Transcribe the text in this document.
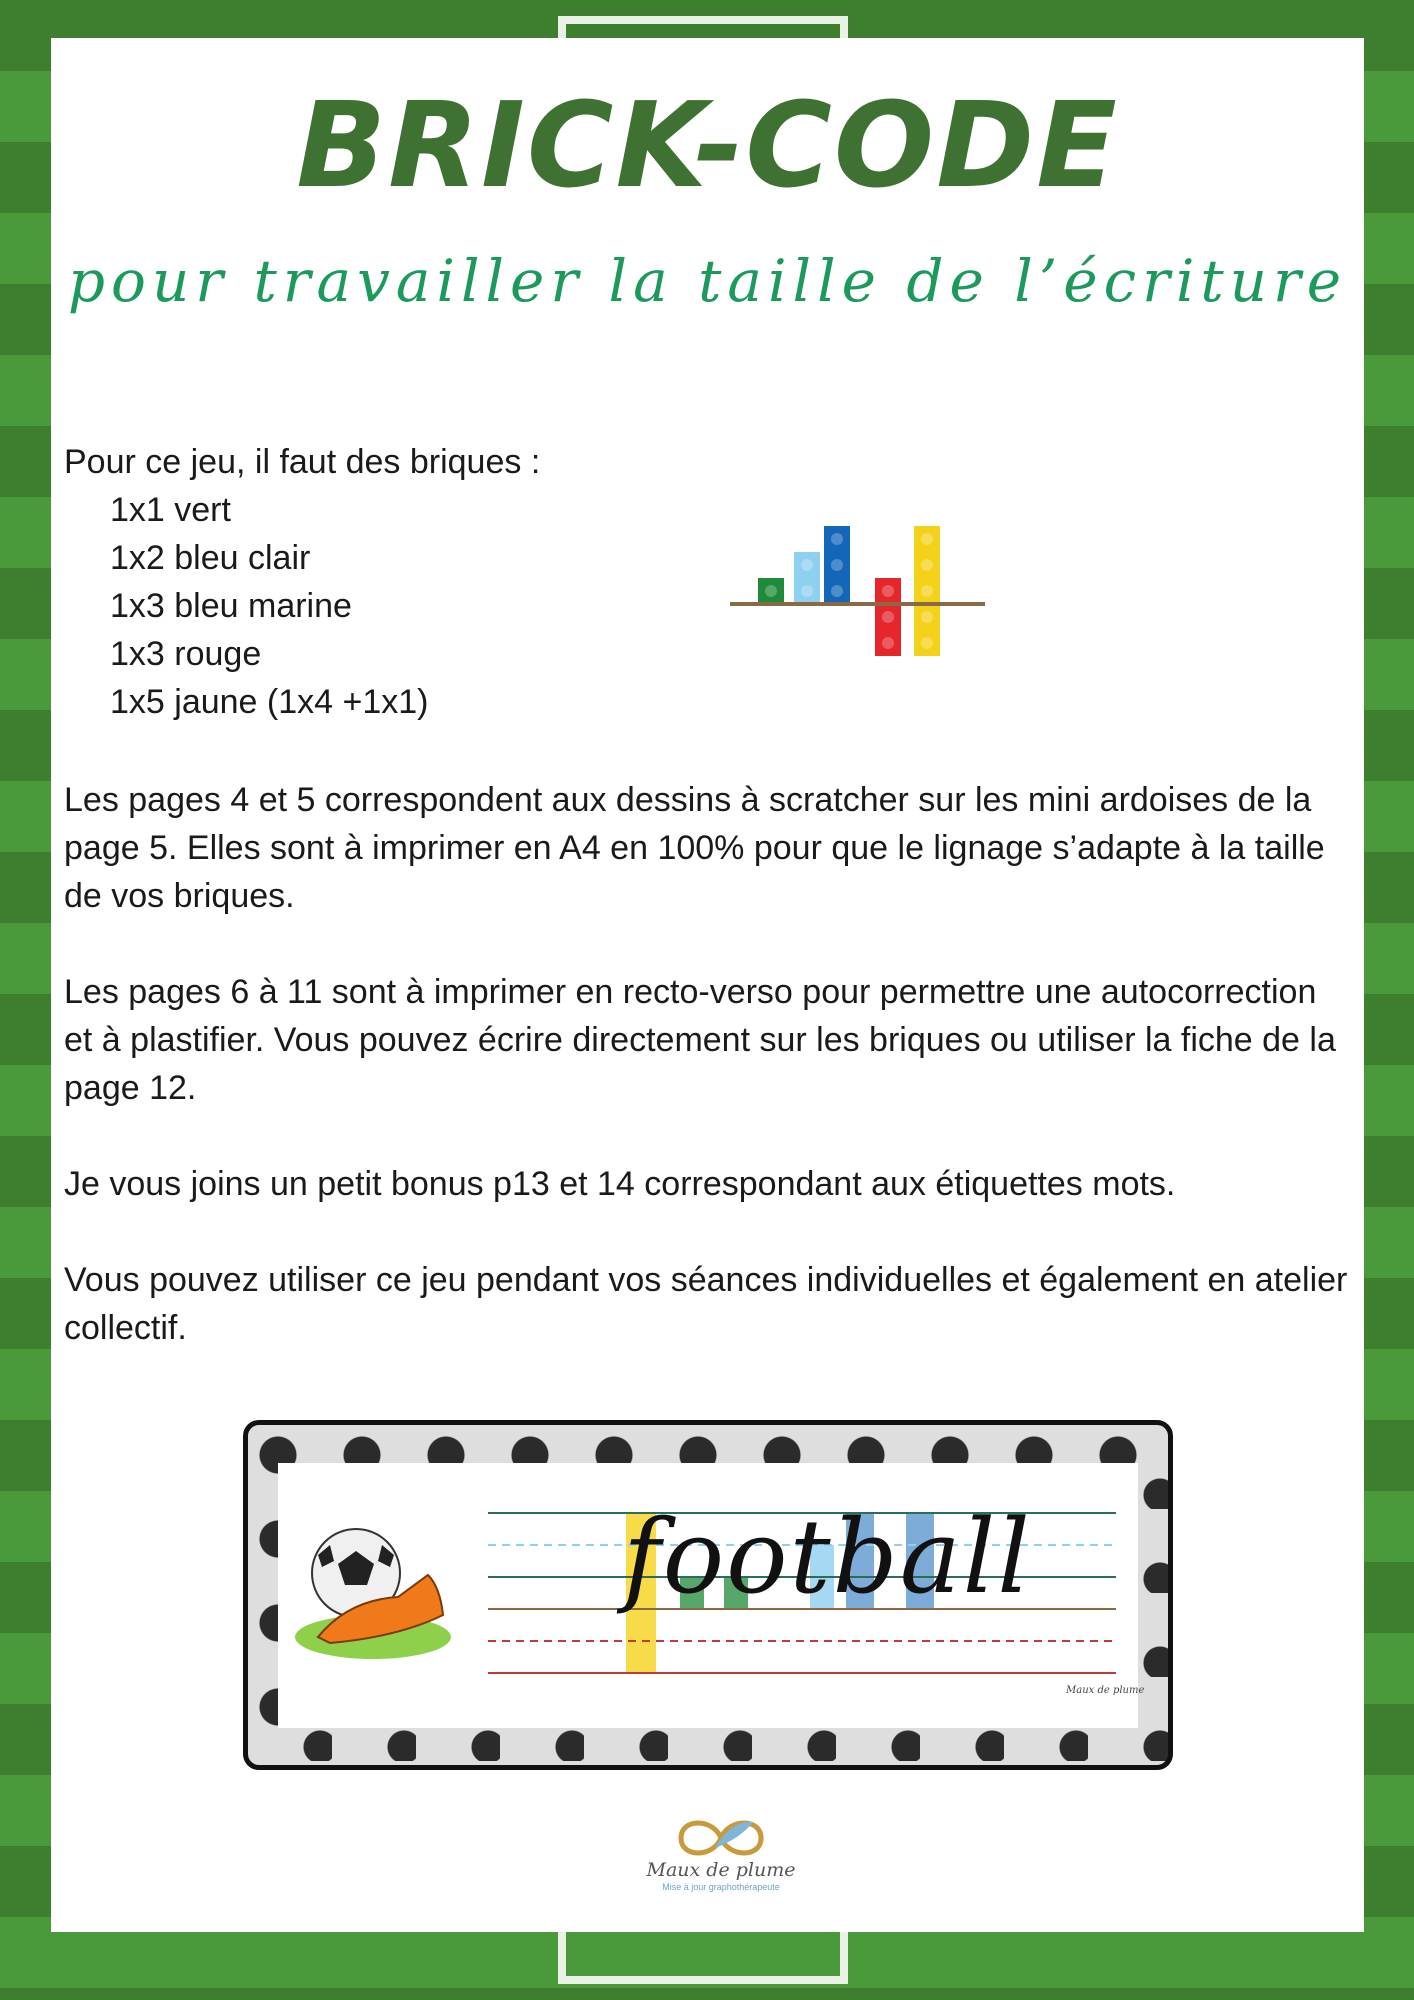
BRICK-CODE
pour travailler la taille de l’écriture
Pour ce jeu, il faut des briques :
1x1 vert
1x2 bleu clair
1x3 bleu marine
1x3 rouge
1x5 jaune (1x4 +1x1)
Les pages 4 et 5 correspondent aux dessins à scratcher sur les mini ardoises de la page 5. Elles sont à imprimer en A4 en 100% pour que le lignage s’adapte à la taille de vos briques.
Les pages 6 à 11 sont à imprimer en recto-verso pour permettre une autocorrection et à plastifier. Vous pouvez écrire directement sur les briques ou utiliser la fiche de la page 12.
Je vous joins un petit bonus p13 et 14 correspondant aux étiquettes mots.
Vous pouvez utiliser ce jeu pendant vos séances individuelles et également en atelier collectif.
football
Maux de plume
Maux de plume
Mise à jour graphothérapeute
